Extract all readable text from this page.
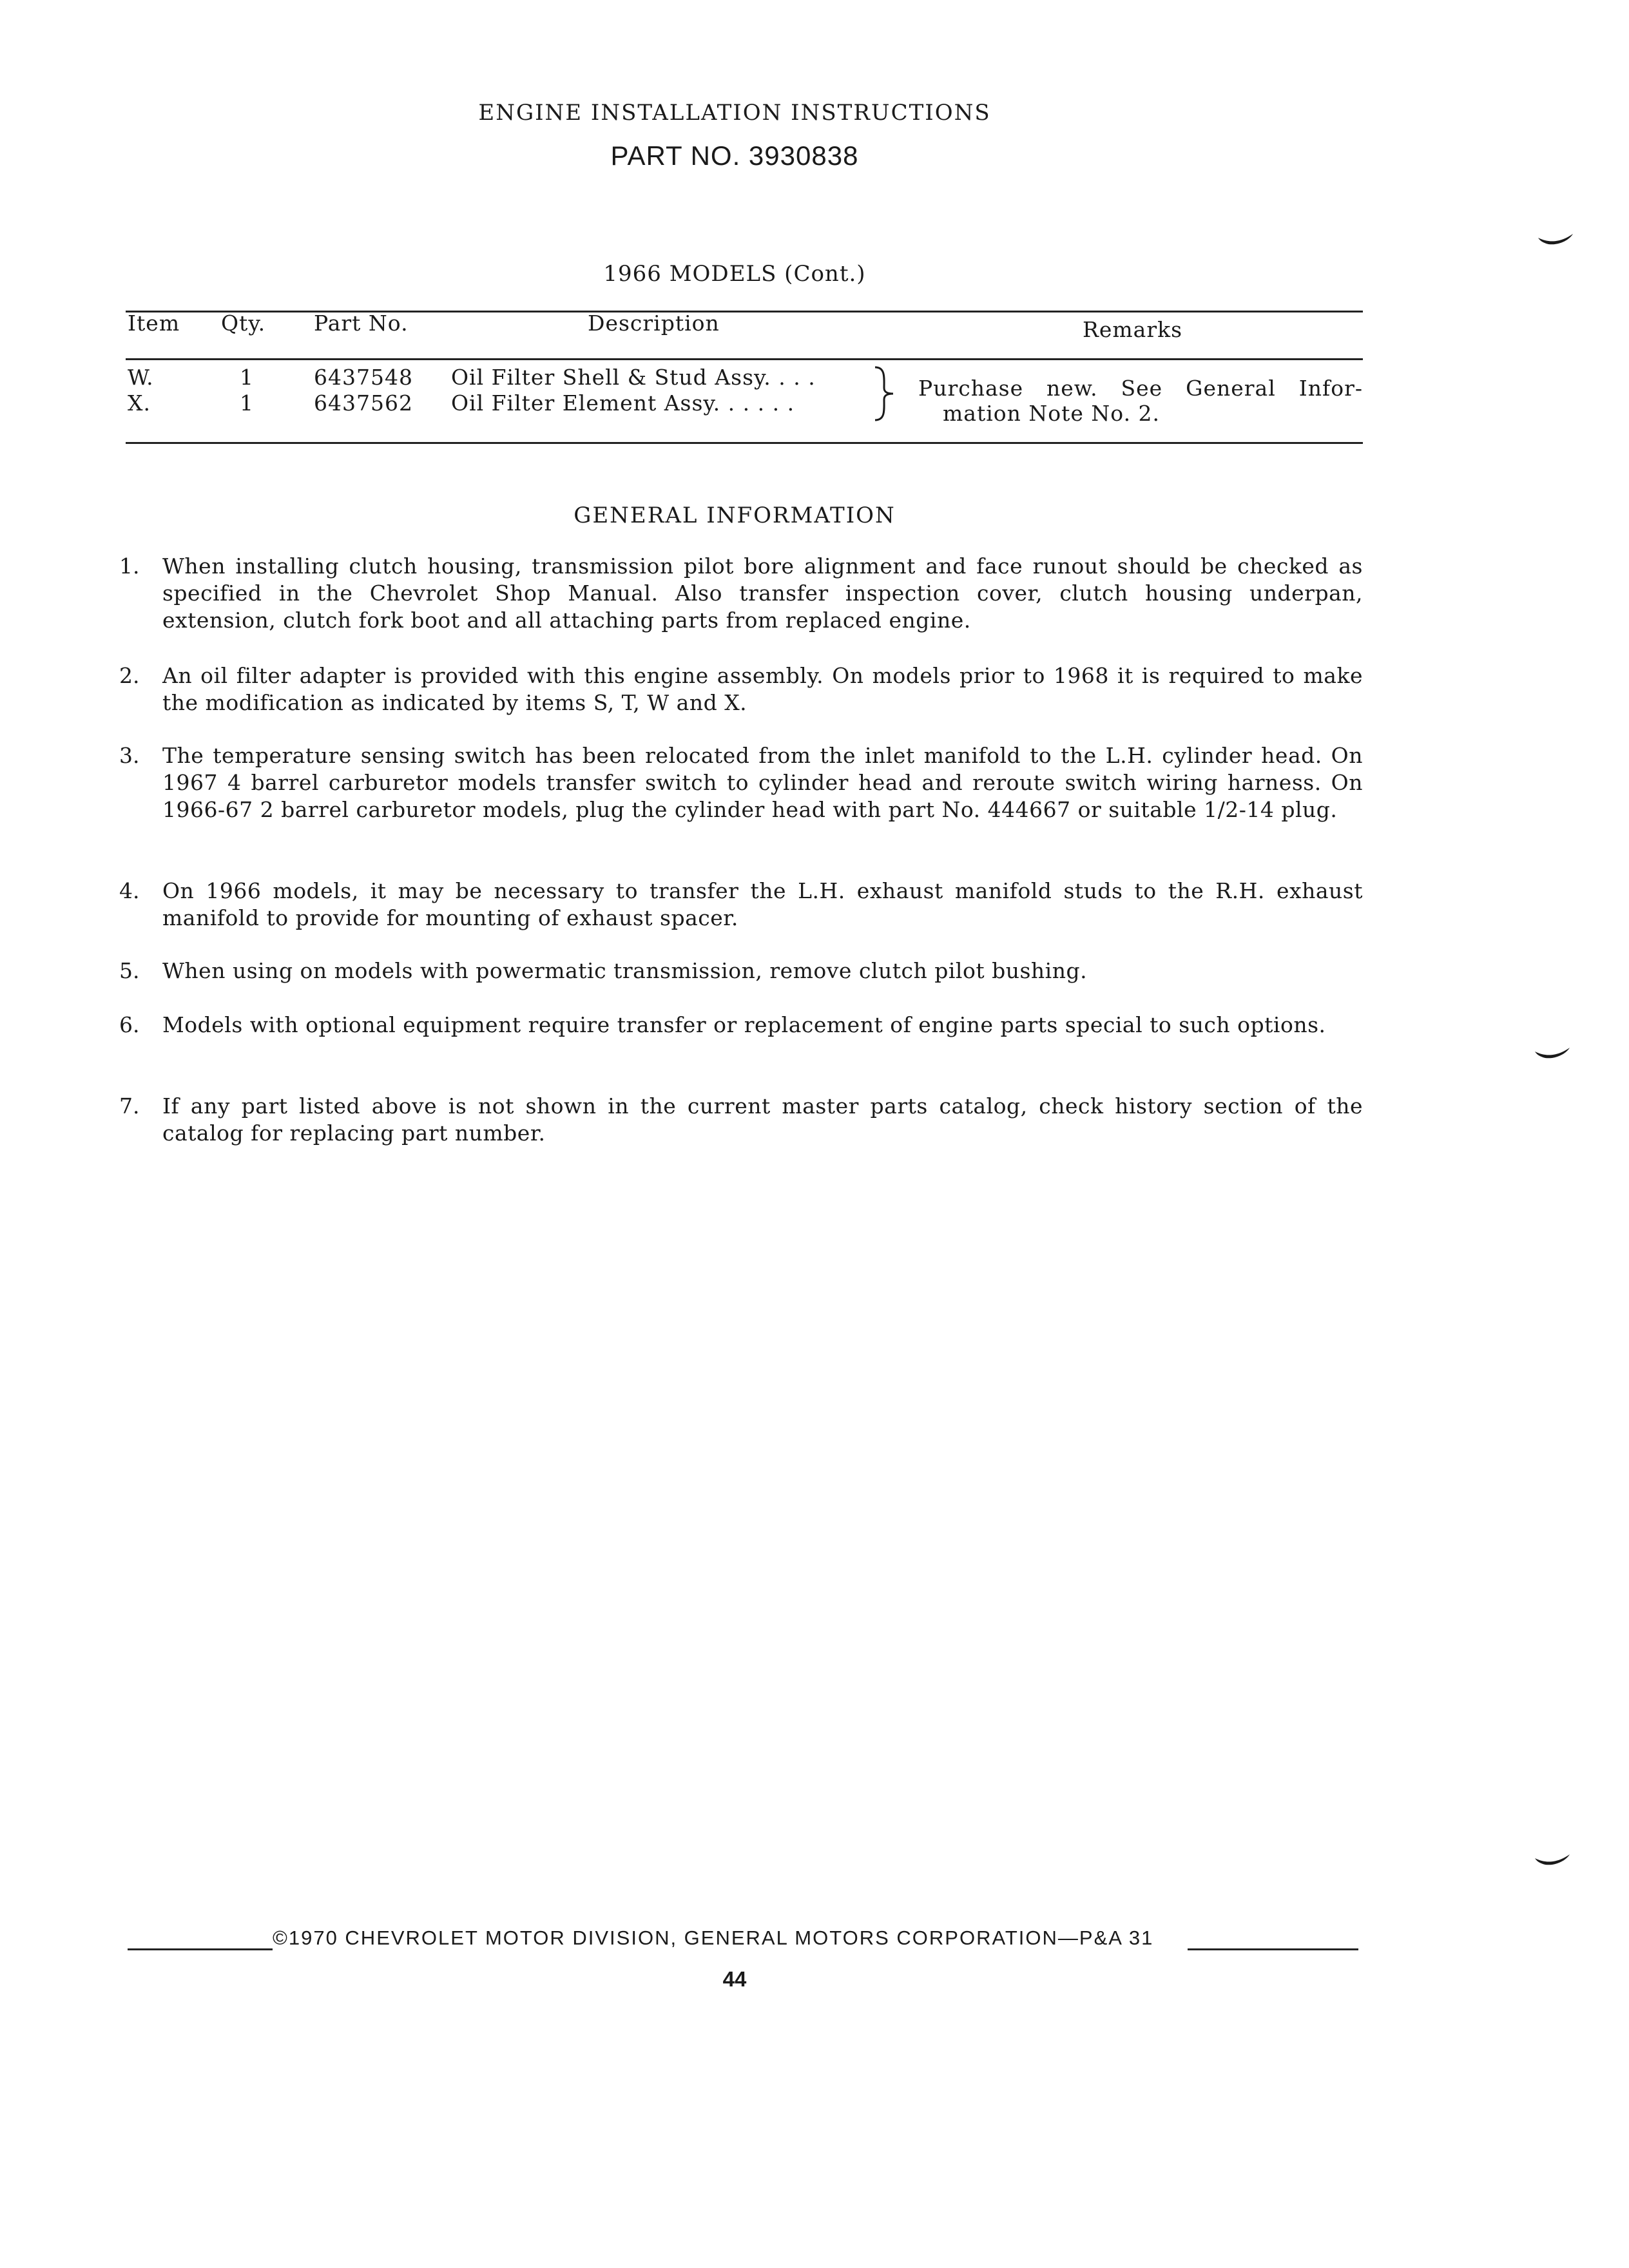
ENGINE INSTALLATION INSTRUCTIONS
PART NO. 3930838
1966 MODELS (Cont.)
Item Qty. Part No.	Description	Remarks
W.	1	6437548 Oil Filter Shell & Stud Assy. . . .
X.	1	6437562 Oil Filter Element Assy. . . . . .
Purchase new. See General Infor-
mation Note No. 2.
GENERAL INFORMATION
1.	When installing clutch housing, transmission pilot bore alignment and face runout should be checked as specified in the Chevrolet Shop Manual. Also transfer inspection cover, clutch housing underpan, extension, clutch fork boot and all attaching parts from replaced engine.
2.	An oil filter adapter is provided with this engine assembly. On models prior to 1968 it is required to make the modification as indicated by items S, T, W and X.
3.	The temperature sensing switch has been relocated from the inlet manifold to the L.H. cylinder head. On 1967 4 barrel carburetor models transfer switch to cylinder head and reroute switch wiring harness. On 1966-67 2 barrel carburetor models, plug the cylinder head with part No. 444667 or suitable 1/2-14 plug.
4.	On 1966 models, it may be necessary to transfer the L.H. exhaust manifold studs to the R.H. exhaust manifold to provide for mounting of exhaust spacer.
5.	When using on models with powermatic transmission, remove clutch pilot bushing.
6.	Models with optional equipment require transfer or replacement of engine parts special to such options.
7.	If any part listed above is not shown in the current master parts catalog, check history section of the catalog for replacing part number.
©1970 CHEVROLET MOTOR DIVISION, GENERAL MOTORS CORPORATION—P&A 31
44
